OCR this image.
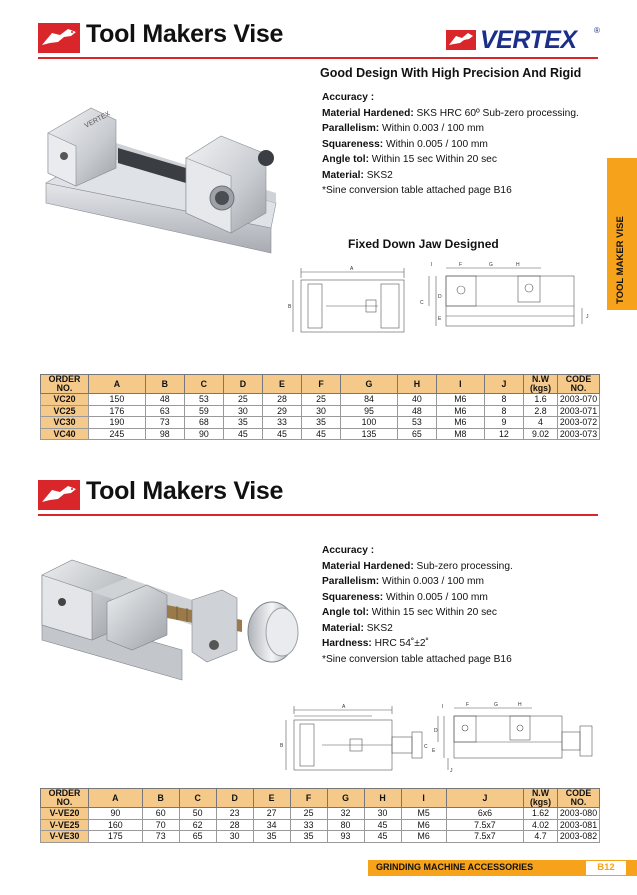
Tool Makers Vise	VERTEX ®
Good Design With High Precision And Rigid
VERTEX
Accuracy :
Material Hardened: SKS HRC 60º Sub-zero processing.
Parallelism: Within 0.003 / 100 mm
Squareness: Within 0.005 / 100 mm
Angle tol: Within 15 sec Within 20 sec
Material: SKS2
*Sine conversion table attached page B16
Fixed Down Jaw Designed
A
B
I	F	G	H
C
D
E	J
TOOL MAKER VISE
ORDER NO.	A	B	C	D	E	F	G	H	I	J	N.W (kgs)	CODE NO.
VC20	150	48	53	25	28	25	84	40	M6	8	1.6	2003-070
VC25	176	63	59	30	29	30	95	48	M6	8	2.8	2003-071
VC30	190	73	68	35	33	35	100	53	M6	9	4	2003-072
VC40	245	98	90	45	45	45	135	65	M8	12	9.02	2003-073
Tool Makers Vise
Accuracy :
Material Hardened: Sub-zero processing.
Parallelism: Within 0.003 / 100 mm
Squareness: Within 0.005 / 100 mm
Angle tol: Within 15 sec Within 20 sec
Material: SKS2
Hardness: HRC 54˚±2˚
*Sine conversion table attached page B16
A
B	C
I	F	G	H
D
E
J
ORDER NO.	A	B	C	D	E	F	G	H	I	J	N.W (kgs)	CODE NO.
V-VE20	90	60	50	23	27	25	32	30	M5	6x6	1.62	2003-080
V-VE25	160	70	62	28	34	33	80	45	M6	7.5x7	4.02	2003-081
V-VE30	175	73	65	30	35	35	93	45	M6	7.5x7	4.7	2003-082
GRINDING MACHINE ACCESSORIES	B12
